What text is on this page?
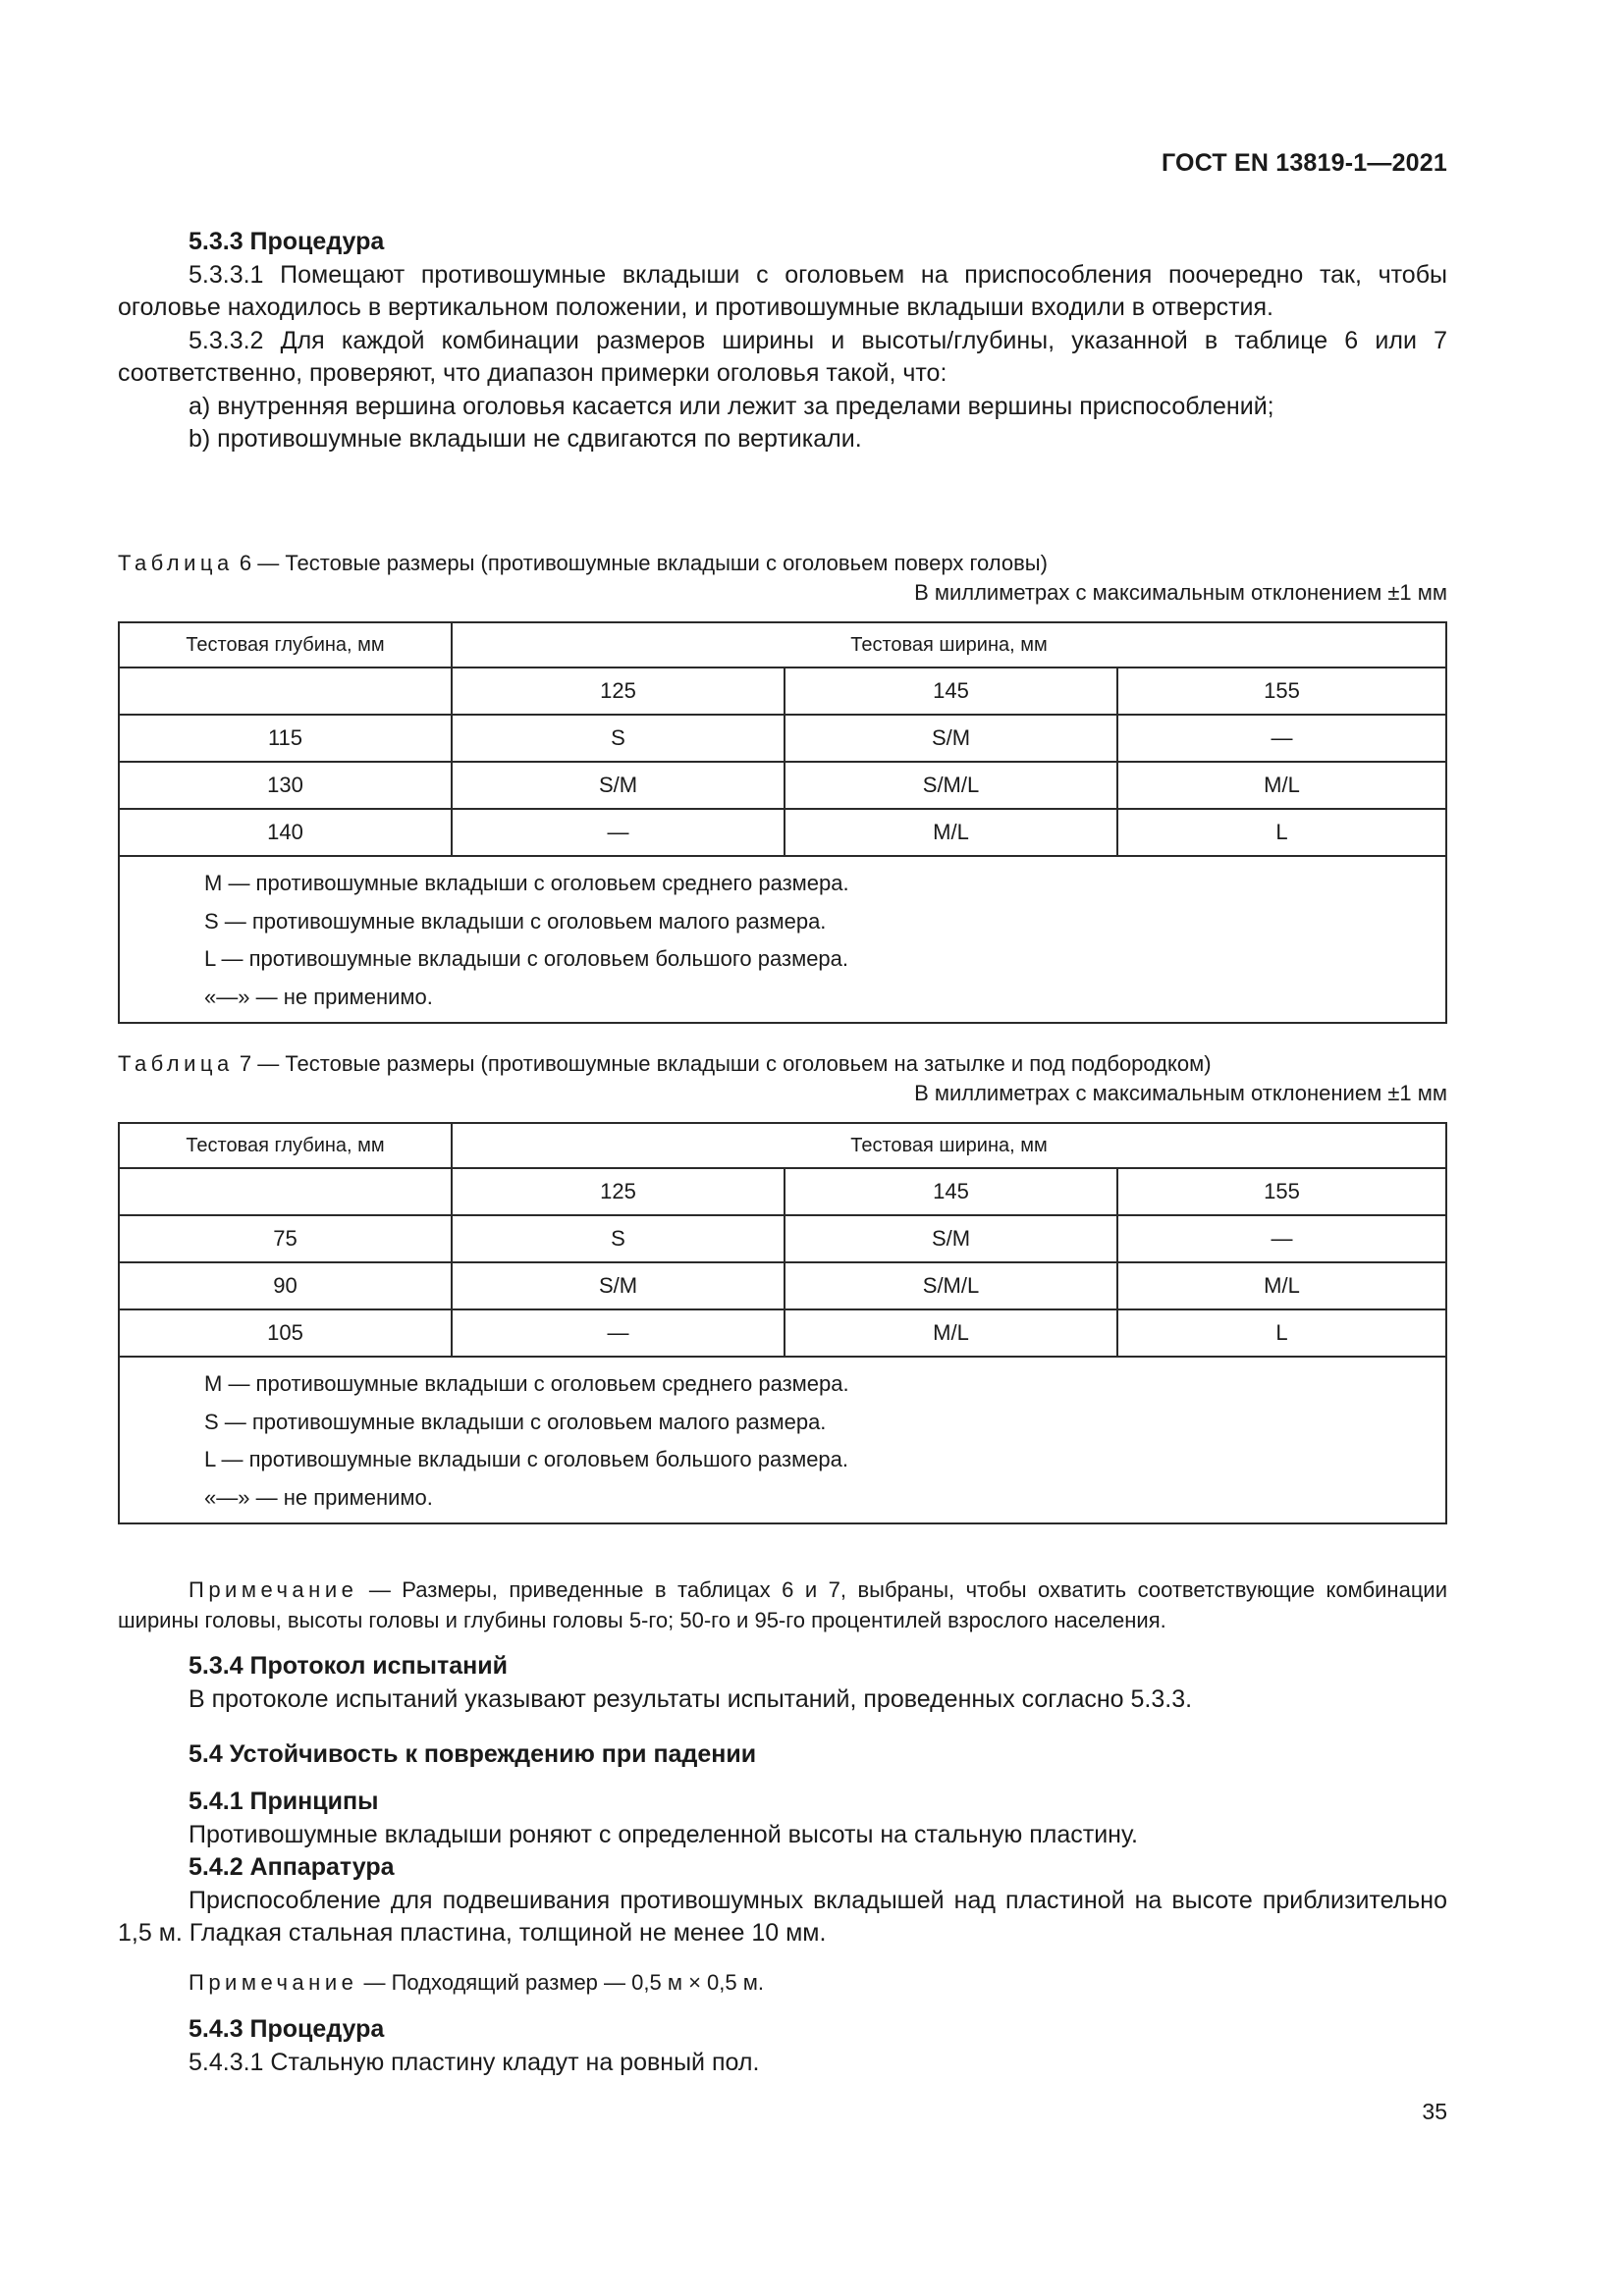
ГОСТ EN 13819-1—2021

5.3.3 Процедура

5.3.3.1 Помещают противошумные вкладыши с оголовьем на приспособления поочередно так, чтобы оголовье находилось в вертикальном положении, и противошумные вкладыши входили в отверстия.

5.3.3.2 Для каждой комбинации размеров ширины и высоты/глубины, указанной в таблице 6 или 7 соответственно, проверяют, что диапазон примерки оголовья такой, что:

а) внутренняя вершина оголовья касается или лежит за пределами вершины приспособлений;

b) противошумные вкладыши не сдвигаются по вертикали.

Таблица 6 — Тестовые размеры (противошумные вкладыши с оголовьем поверх головы)
В миллиметрах с максимальным отклонением ±1 мм
Тестовая глубина, мм	Тестовая ширина, мм		
	125	145	155
115	S	S/M	—
130	S/M	S/M/L	M/L
140	—	M/L	L

M — противошумные вкладыши с оголовьем среднего размера.
S — противошумные вкладыши с оголовьем малого размера.
L — противошумные вкладыши с оголовьем большого размера.
«—» — не применимо.			
Таблица 7 — Тестовые размеры (противошумные вкладыши с оголовьем на затылке и под подбородком)
В миллиметрах с максимальным отклонением ±1 мм
Тестовая глубина, мм	Тестовая ширина, мм		
	125	145	155
75	S	S/M	—
90	S/M	S/M/L	M/L
105	—	M/L	L

M — противошумные вкладыши с оголовьем среднего размера.
S — противошумные вкладыши с оголовьем малого размера.
L — противошумные вкладыши с оголовьем большого размера.
«—» — не применимо.			
Примечание — Размеры, приведенные в таблицах 6 и 7, выбраны, чтобы охватить соответствующие комбинации ширины головы, высоты головы и глубины головы 5-го; 50-го и 95-го процентилей взрослого населения.

5.3.4 Протокол испытаний

В протоколе испытаний указывают результаты испытаний, проведенных согласно 5.3.3.

5.4 Устойчивость к повреждению при падении

5.4.1 Принципы

Противошумные вкладыши роняют с определенной высоты на стальную пластину.

5.4.2 Аппаратура

Приспособление для подвешивания противошумных вкладышей над пластиной на высоте приблизительно 1,5 м. Гладкая стальная пластина, толщиной не менее 10 мм.

Примечание — Подходящий размер — 0,5 м × 0,5 м.

5.4.3 Процедура

5.4.3.1 Стальную пластину кладут на ровный пол.

35
